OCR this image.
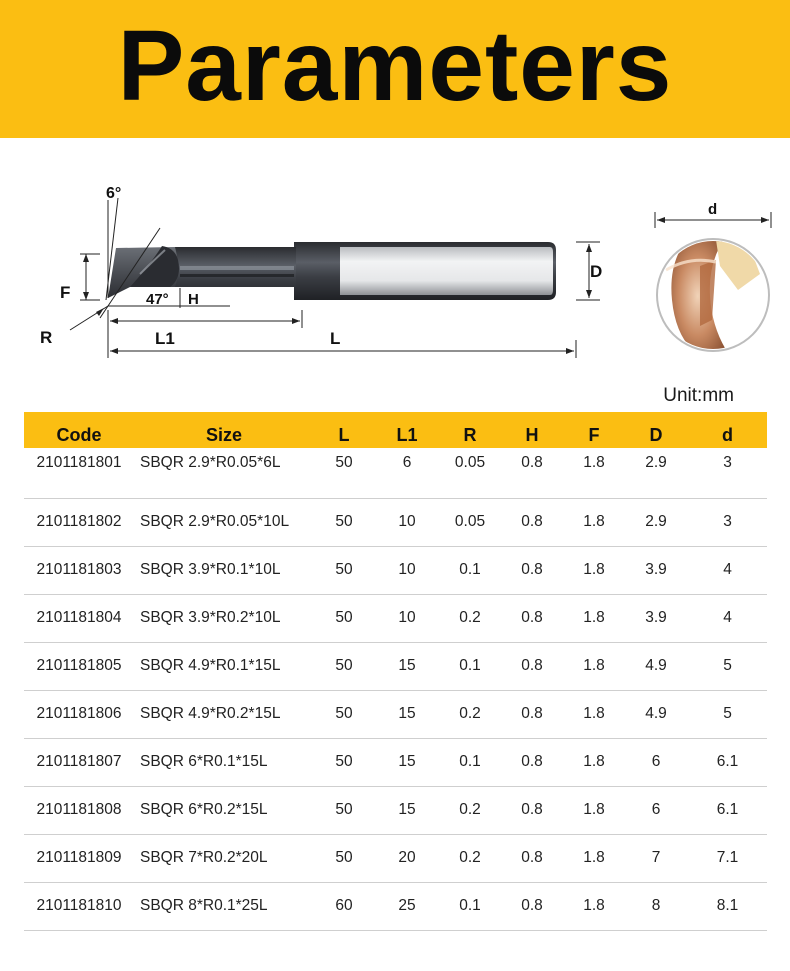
Parameters
6°
47° H
F
R	L1	L
D
d
Unit:mm
Code	Size	L	L1	R	H	F	D	d
2101181801	SBQR 2.9*R0.05*6L	50	6	0.05	0.8	1.8	2.9	3
2101181802	SBQR 2.9*R0.05*10L	50	10	0.05	0.8	1.8	2.9	3
2101181803	SBQR 3.9*R0.1*10L	50	10	0.1	0.8	1.8	3.9	4
2101181804	SBQR 3.9*R0.2*10L	50	10	0.2	0.8	1.8	3.9	4
2101181805	SBQR 4.9*R0.1*15L	50	15	0.1	0.8	1.8	4.9	5
2101181806	SBQR 4.9*R0.2*15L	50	15	0.2	0.8	1.8	4.9	5
2101181807	SBQR 6*R0.1*15L	50	15	0.1	0.8	1.8	6	6.1
2101181808	SBQR 6*R0.2*15L	50	15	0.2	0.8	1.8	6	6.1
2101181809	SBQR 7*R0.2*20L	50	20	0.2	0.8	1.8	7	7.1
2101181810	SBQR 8*R0.1*25L	60	25	0.1	0.8	1.8	8	8.1
